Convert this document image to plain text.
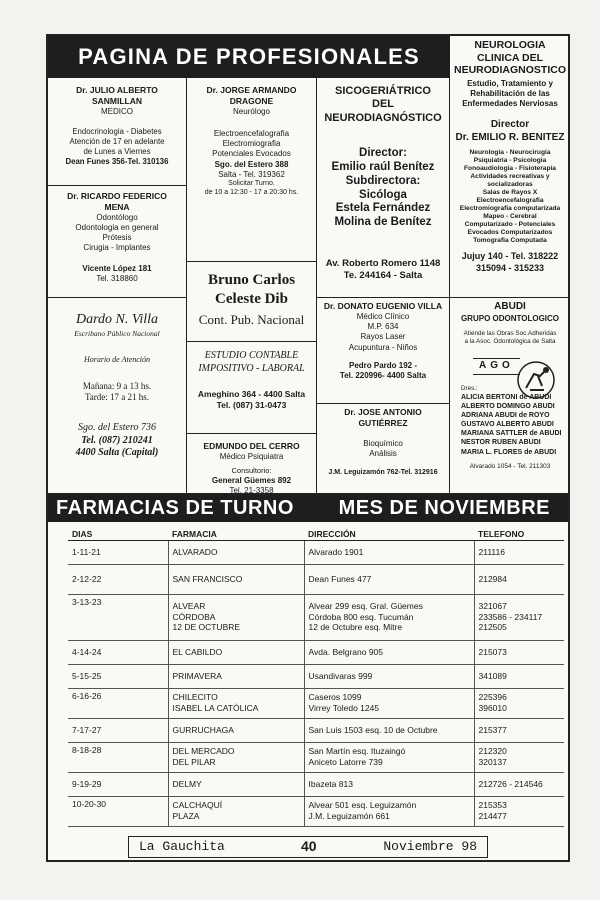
PAGINA DE PROFESIONALES	NEUROLOGIA
CLINICA DEL
NEURODIAGNOSTICO
Estudio, Tratamiento y
Rehabilitación de las
Enfermedades Nerviosas
Director
Dr. EMILIO R. BENITEZ
Neurologia - Neurocirugia
Psiquiatria - Psicologia
Fonoaudiologia - Fisioterapia
Actividades recreativas y
socializadoras
Salas de Rayos X
Electroencefalografia
Electromiografia computarizada
Mapeo - Cerebral
Computarizado - Potenciales
Evocados Computarizados
Tomografia Computada
Jujuy 140 - Tel. 318222
315094 - 315233
Dr. JULIO ALBERTO
SANMILLAN
MEDICO
Endocrinologia - Diabetes
Atención de 17 en adelante
de Lunes a Viernes
Dean Funes 356-Tel. 310136
Dr. JORGE ARMANDO
DRAGONE
Neurólogo
Electroencefalografia
Electromiografia
Potenciales Evocados
Sgo. del Estero 388
Salta - Tel. 319362
Solicitar Turno.
de 10 a 12:30 - 17 a 20:30 hs.
SICOGERIÁTRICO
DEL
NEURODIAGNÓSTICO
Director:
Emilio raúl Benítez
Subdirectora:
Sicóloga
Estela Fernández
Molina de Benítez
Av. Roberto Romero 1148
Te. 244164 - Salta
Dr. RICARDO FEDERICO
MENA
Odontólogo
Odontologia en general
Prótesis
Cirugia - Implantes
Vicente López 181
Tel. 318860	Bruno Carlos
Celeste Dib
Cont. Pub. Nacional
Dardo N. Villa
Escribano Público Nacional
Horario de Atención
Mañana: 9 a 13 hs.
Tarde: 17 a 21 hs.
Sgo. del Estero 736
Tel. (087) 210241
4400 Salta (Capital)
ESTUDIO CONTABLE
IMPOSITIVO - LABORAL
Ameghino 364 - 4400 Salta
Tel. (087) 31-0473
Dr. DONATO EUGENIO VILLA
Médico Clínico
M.P. 634
Rayos Laser
Acupuntura - Niños
Pedro Pardo 192 -
Tel. 220996- 4400 Salta
ABUDI
GRUPO ODONTOLOGICO
Atiende las Obras Soc.Adheridas
a la Asoc. Odontológica de Salta
AGO
Dres.:
ALICIA BERTONI de ABUDI
ALBERTO DOMINGO ABUDI
ADRIANA ABUDI de ROYO
GUSTAVO ALBERTO ABUDI
MARIANA SATTLER de ABUDI
NESTOR RUBEN ABUDI
MARIA L. FLORES de ABUDI
Alvarado 1054 - Tel. 211303
EDMUNDO DEL CERRO
Médico Psiquiatra
Consultorio:
General Güemes 892
Tel. 21-3358
Dr. JOSE ANTONIO
GUTIÉRREZ
Bioquímico
Análisis
J.M. Leguizamón 762-Tel. 312916
FARMACIAS DE TURNO MES DE NOVIEMBRE
DIAS	FARMACIA	DIRECCIÓN	TELEFONO
1-11-21	ALVARADO	Alvarado 1901	211116

2-12-22	SAN FRANCISCO	Dean Funes 477	212984

3-13-23	ALVEAR
CÓRDOBA
12 DE OCTUBRE	Alvear 299 esq. Gral. Güemes
Córdoba 800 esq. Tucumán
12 de Octubre esq. Mitre	321067
233586 - 234117
212505

4-14-24	EL CABILDO	Avda. Belgrano 905	215073

5-15-25	PRIMAVERA	Usandivaras 999	341089

6-16-26	CHILECITO
ISABEL LA CATÓLICA	Caseros 1099
Virrey Toledo 1245	225396
396010

7-17-27	GURRUCHAGA	San Luis 1503 esq. 10 de Octubre	215377

8-18-28	DEL MERCADO
DEL PILAR	San Martín esq. Ituzaingó
Aniceto Latorre 739	212320
320137

9-19-29	DELMY	Ibazeta 813	212726 - 214546

10-20-30	CALCHAQUÍ
PLAZA	Alvear 501 esq. Leguizamón
J.M. Leguizamón 661	215353
214477
La Gauchita	40	Noviembre 98
